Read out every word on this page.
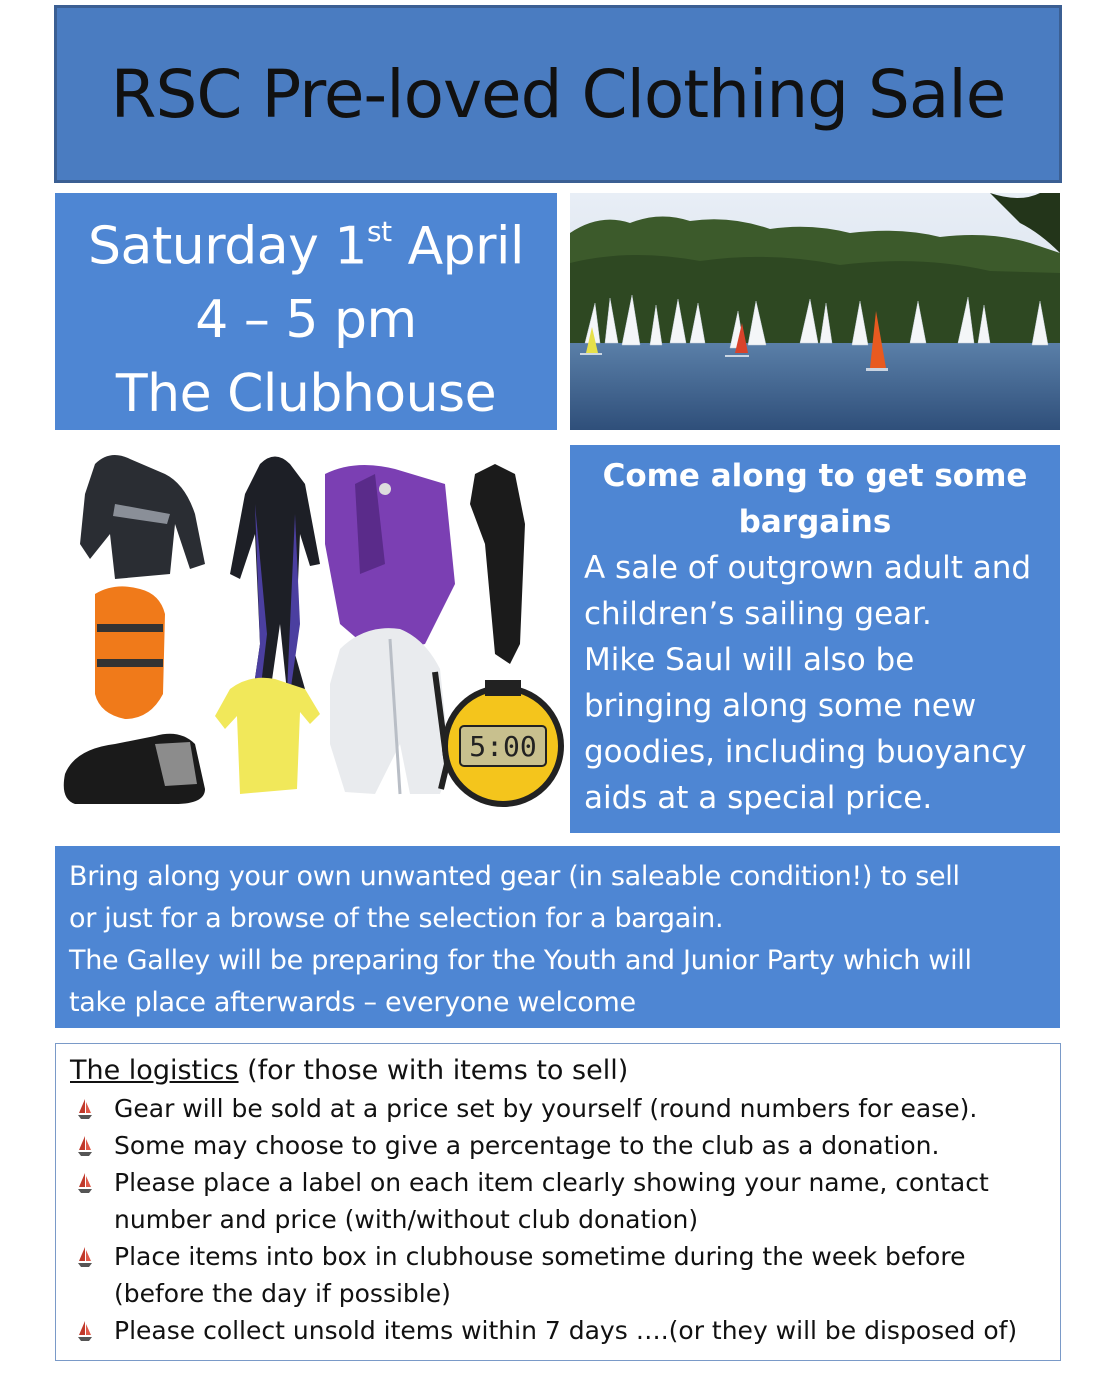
RSC Pre-loved Clothing Sale
Saturday 1st April
4 – 5 pm
The Clubhouse
5:00
Come along to get some bargains
A sale of outgrown adult and
children’s sailing gear.
Mike Saul will also be
bringing along some new
goodies, including buoyancy
aids at a special price.

Bring along your own unwanted gear (in saleable condition!) to sell

or just for a browse of the selection for a bargain.

The Galley will be preparing for the Youth and Junior Party which will

take place afterwards – everyone welcome

The logistics (for those with items to sell)
Gear will be sold at a price set by yourself (round numbers for ease).
Some may choose to give a percentage to the club as a donation.
Please place a label on each item clearly showing your name, contact
number and price (with/without club donation)
Place items into box in clubhouse sometime during the week before
(before the day if possible)
Please collect unsold items within 7 days ….(or they will be disposed of)
